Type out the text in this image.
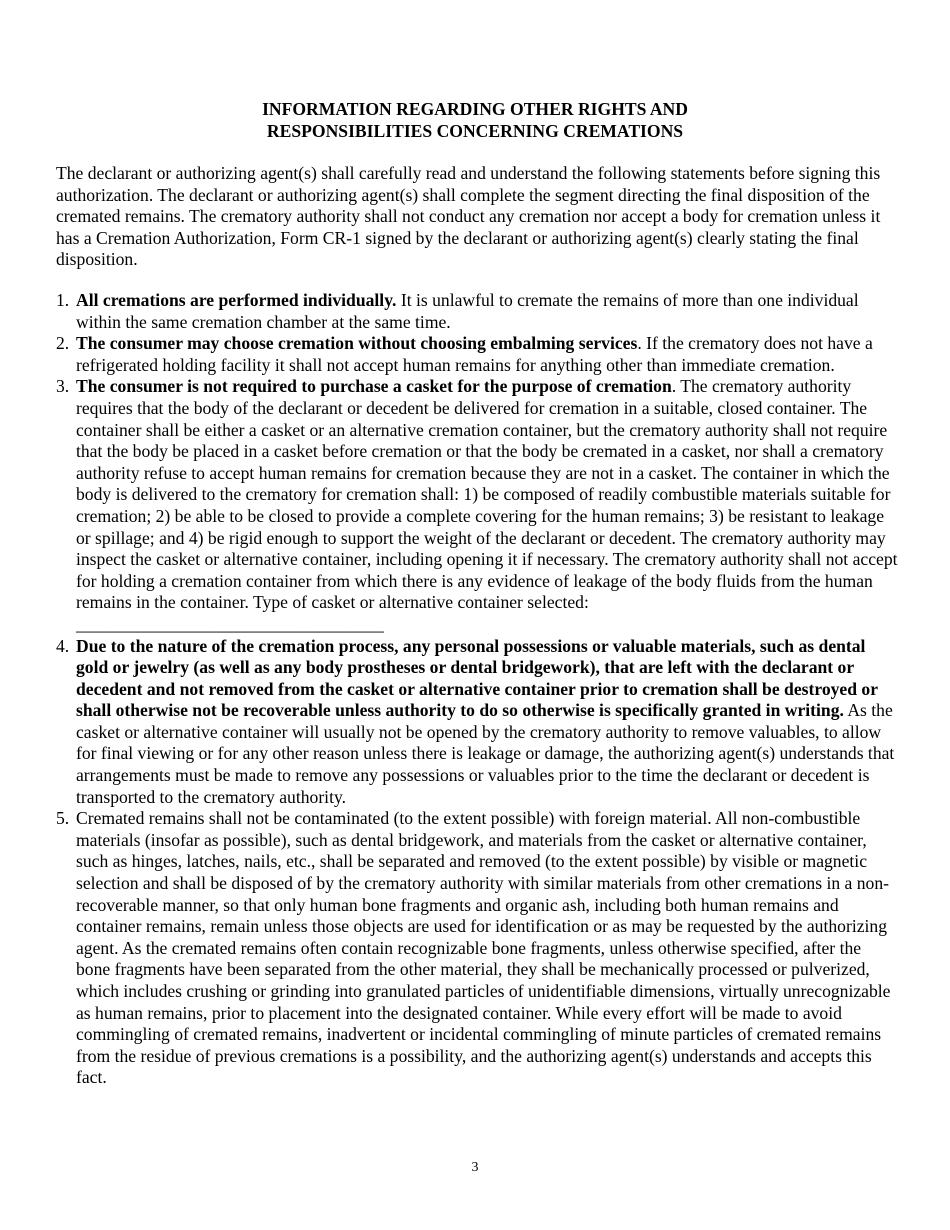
INFORMATION REGARDING OTHER RIGHTS AND
RESPONSIBILITIES CONCERNING CREMATIONS

The declarant or authorizing agent(s) shall carefully read and understand the following statements before signing this authorization. The declarant or authorizing agent(s) shall complete the segment directing the final disposition of the cremated remains. The crematory authority shall not conduct any cremation nor accept a body for cremation unless it has a Cremation Authorization, Form CR-1 signed by the declarant or authorizing agent(s) clearly stating the final disposition.

1. All cremations are performed individually. It is unlawful to cremate the remains of more than one individual within the same cremation chamber at the same time.
2. The consumer may choose cremation without choosing embalming services. If the crematory does not have a refrigerated holding facility it shall not accept human remains for anything other than immediate cremation.
3. The consumer is not required to purchase a casket for the purpose of cremation. The crematory authority requires that the body of the declarant or decedent be delivered for cremation in a suitable, closed container. The container shall be either a casket or an alternative cremation container, but the crematory authority shall not require that the body be placed in a casket before cremation or that the body be cremated in a casket, nor shall a crematory authority refuse to accept human remains for cremation because they are not in a casket. The container in which the body is delivered to the crematory for cremation shall: 1) be composed of readily combustible materials suitable for cremation; 2) be able to be closed to provide a complete covering for the human remains; 3) be resistant to leakage or spillage; and 4) be rigid enough to support the weight of the declarant or decedent. The crematory authority may inspect the casket or alternative container, including opening it if necessary. The crematory authority shall not accept for holding a cremation container from which there is any evidence of leakage of the body fluids from the human remains in the container. Type of casket or alternative container selected: ___________________________________
4. Due to the nature of the cremation process, any personal possessions or valuable materials, such as dental gold or jewelry (as well as any body prostheses or dental bridgework), that are left with the declarant or decedent and not removed from the casket or alternative container prior to cremation shall be destroyed or shall otherwise not be recoverable unless authority to do so otherwise is specifically granted in writing. As the casket or alternative container will usually not be opened by the crematory authority to remove valuables, to allow for final viewing or for any other reason unless there is leakage or damage, the authorizing agent(s) understands that arrangements must be made to remove any possessions or valuables prior to the time the declarant or decedent is transported to the crematory authority.
5. Cremated remains shall not be contaminated (to the extent possible) with foreign material. All non-combustible materials (insofar as possible), such as dental bridgework, and materials from the casket or alternative container, such as hinges, latches, nails, etc., shall be separated and removed (to the extent possible) by visible or magnetic selection and shall be disposed of by the crematory authority with similar materials from other cremations in a non-recoverable manner, so that only human bone fragments and organic ash, including both human remains and container remains, remain unless those objects are used for identification or as may be requested by the authorizing agent. As the cremated remains often contain recognizable bone fragments, unless otherwise specified, after the bone fragments have been separated from the other material, they shall be mechanically processed or pulverized, which includes crushing or grinding into granulated particles of unidentifiable dimensions, virtually unrecognizable as human remains, prior to placement into the designated container. While every effort will be made to avoid commingling of cremated remains, inadvertent or incidental commingling of minute particles of cremated remains from the residue of previous cremations is a possibility, and the authorizing agent(s) understands and accepts this fact.
3
